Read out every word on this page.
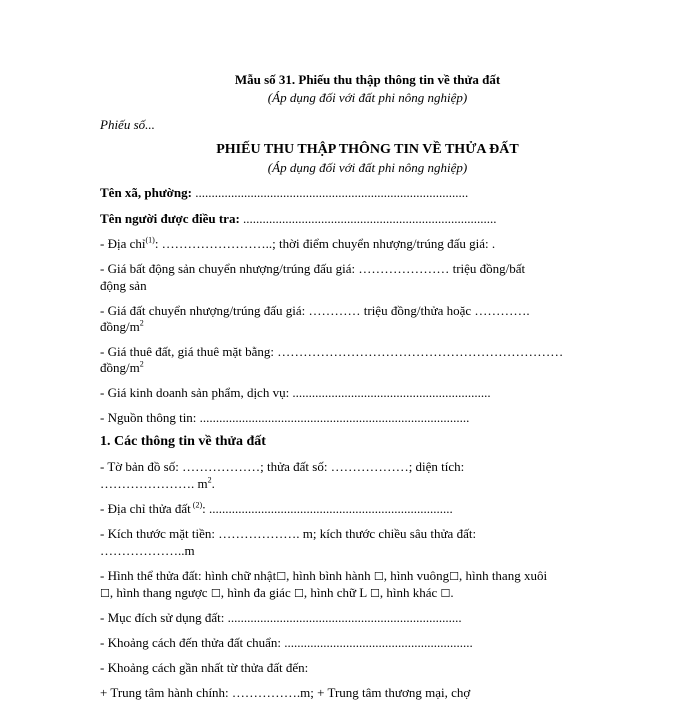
Mẫu số 31. Phiếu thu thập thông tin về thửa đất
(Áp dụng đối với đất phi nông nghiệp)
Phiếu số...
PHIẾU THU THẬP THÔNG TIN VỀ THỬA ĐẤT
(Áp dụng đối với đất phi nông nghiệp)
Tên xã, phường: ....................................................................................
Tên người được điều tra: ..............................................................................
- Địa chỉ$^{(1)}$: ……………………..; thời điểm chuyển nhượng/trúng đấu giá: .
- Giá bất động sản chuyển nhượng/trúng đấu giá: ………………… triệu đồng/bất
động sản
- Giá đất chuyển nhượng/trúng đấu giá: ………… triệu đồng/thửa hoặc ………….
đồng/$m^2$
- Giá thuê đất, giá thuê mặt bằng: …………………………………………………………
đồng/$m^2$
- Giá kinh doanh sản phẩm, dịch vụ: .............................................................
- Nguồn thông tin: ...................................................................................
1. Các thông tin về thửa đất
- Tờ bản đồ số: ………………; thửa đất số: ………………; diện tích:
…………………. $m^2$.
- Địa chỉ thửa đất $^{(2)}$: ...........................................................................
- Kích thước mặt tiền: ………………. m; kích thước chiều sâu thửa đất:
………………..m
- Hình thể thửa đất: hình chữ nhật☐, hình bình hành ☐, hình vuông☐, hình thang xuôi
☐, hình thang ngược ☐, hình đa giác ☐, hình chữ L ☐, hình khác ☐.
- Mục đích sử dụng đất: ........................................................................
- Khoảng cách đến thửa đất chuẩn: ..........................................................
- Khoảng cách gần nhất từ thửa đất đến:
+ Trung tâm hành chính: …………….m; + Trung tâm thương mại, chợ
